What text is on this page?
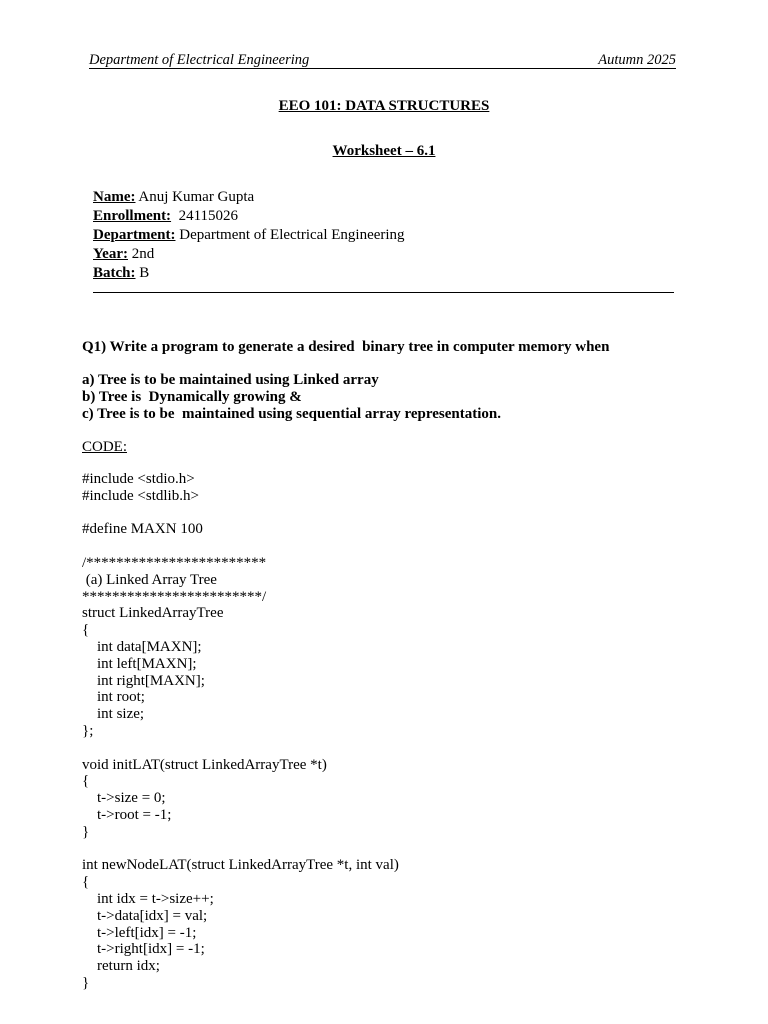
Department of Electrical Engineering	Autumn 2025
EEO 101: DATA STRUCTURES
Worksheet – 6.1
Name: Anuj Kumar Gupta
Enrollment:  24115026
Department: Department of Electrical Engineering
Year: 2nd
Batch: B
Q1) Write a program to generate a desired  binary tree in computer memory when
a) Tree is to be maintained using Linked array
b) Tree is  Dynamically growing &
c) Tree is to be  maintained using sequential array representation.
CODE:
#include <stdio.h>
#include <stdlib.h>
#define MAXN 100
/************************
(a) Linked Array Tree
************************/
struct LinkedArrayTree
{
int data[MAXN];
int left[MAXN];
int right[MAXN];
int root;
int size;
};
void initLAT(struct LinkedArrayTree *t)
{
t->size = 0;
t->root = -1;
}
int newNodeLAT(struct LinkedArrayTree *t, int val)
{
int idx = t->size++;
t->data[idx] = val;
t->left[idx] = -1;
t->right[idx] = -1;
return idx;
}
